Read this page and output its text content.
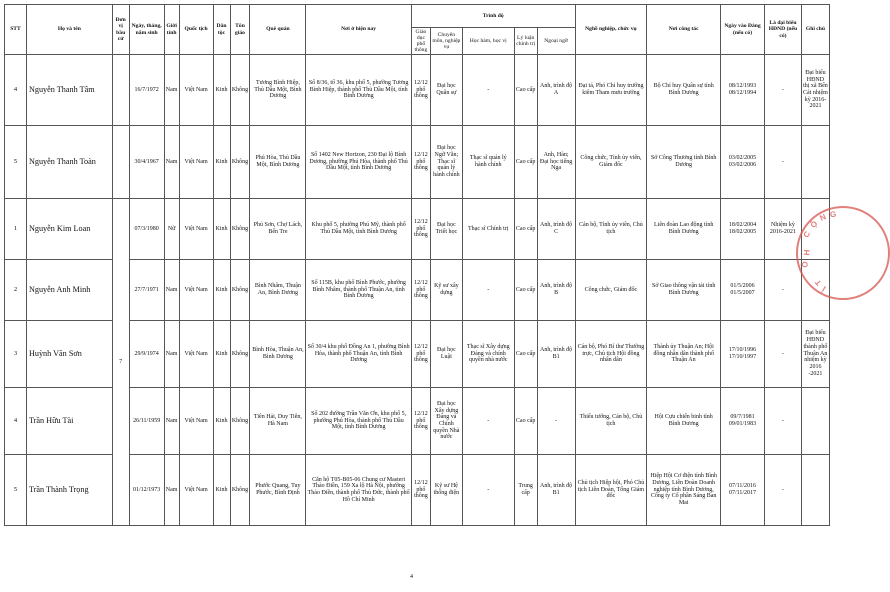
STT	Họ và tên	Đơn vị bầu cử	Ngày, tháng, năm sinh	Giới tính	Quốc tịch	Dân tộc	Tôn giáo	Quê quán	Nơi ở hiện nay	Trình độ					Nghề nghiệp, chức vụ	Nơi công tác	Ngày vào Đảng (nếu có)	Là đại biểu HĐND (nếu có)	Ghi chú
										Giáo dục phổ thông	Chuyên môn, nghiệp vụ	Học hàm, học vị	Lý luận chính trị	Ngoại ngữ					
4	Nguyễn Thanh Tâm		16/7/1972	Nam	Việt Nam	Kinh	Không	Tương Bình Hiệp, Thủ Dầu Một, Bình Dương	Số 8/36, tổ 36, khu phố 5, phường Tương Bình Hiệp, thành phố Thủ Dầu Một, tỉnh Bình Dương	12/12 phổ thông	Đại học Quân sự	-	Cao cấp	Anh, trình độ A	Đại tá, Phó Chỉ huy trưởng kiêm Tham mưu trưởng	Bộ Chỉ huy Quân sự tỉnh Bình Dương	08/12/1993 08/12/1994	-	Đại biểu HĐND thị xã Bến Cát nhiệm kỳ 2016-2021
5	Nguyễn Thanh Toàn		30/4/1967	Nam	Việt Nam	Kinh	Không	Phú Hòa, Thủ Dầu Một, Bình Dương	Số 1402 New Horizon, 230 Đại lộ Bình Dương, phường Phú Hòa, thành phố Thủ Dầu Một, tỉnh Bình Dương	12/12 phổ thông	Đại học Ngữ Văn; Thạc sĩ quản lý hành chính	Thạc sĩ quản lý hành chính	Cao cấp	Anh, Hàn; Đại học tiếng Nga	Công chức, Tỉnh ủy viên, Giám đốc	Sở Công Thương tỉnh Bình Dương	03/02/2005 03/02/2006	-	
1	Nguyễn Kim Loan	7	07/3/1980	Nữ	Việt Nam	Kinh	Không	Phú Sơn, Chợ Lách, Bến Tre	Khu phố 5, phường Phú Mỹ, thành phố Thủ Dầu Một, tỉnh Bình Dương	12/12 phổ thông	Đại học Triết học	Thạc sĩ Chính trị	Cao cấp	Anh, trình độ C	Cán bộ, Tỉnh ủy viên, Chủ tịch	Liên đoàn Lao động tỉnh Bình Dương	18/02/2004 18/02/2005	Nhiệm kỳ 2016-2021	
2	Nguyễn Anh Minh		27/7/1971	Nam	Việt Nam	Kinh	Không	Bình Nhâm, Thuận An, Bình Dương	Số 115B, khu phố Bình Phước, phường Bình Nhâm, thành phố Thuận An, tỉnh Bình Dương	12/12 phổ thông	Kỹ sư xây dựng	-	Cao cấp	Anh, trình độ B	Công chức, Giám đốc	Sở Giao thông vận tải tỉnh Bình Dương	01/5/2006 01/5/2007	-	
3	Huỳnh Văn Sơn		29/9/1974	Nam	Việt Nam	Kinh	Không	Bình Hòa, Thuận An, Bình Dương	Số 30/4 khu phố Đồng An 1, phường Bình Hòa, thành phố Thuận An, tỉnh Bình Dương	12/12 phổ thông	Đại học Luật	Thạc sĩ Xây dựng Đảng và chính quyền nhà nước	Cao cấp	Anh, trình độ B1	Cán bộ, Phó Bí thư Thường trực, Chủ tịch Hội đồng nhân dân	Thành ủy Thuận An; Hội đồng nhân dân thành phố Thuận An	17/10/1996 17/10/1997	-	Đại biểu HĐND thành phố Thuận An nhiệm kỳ 2016 -2021
4	Trần Hữu Tài		26/11/1959	Nam	Việt Nam	Kinh	Không	Tiên Hải, Duy Tiên, Hà Nam	Số 202 đường Trần Văn Ơn, khu phố 5, phường Phú Hòa, thành phố Thủ Dầu Một, tỉnh Bình Dương	12/12 phổ thông	Đại học Xây dựng Đảng và Chính quyền Nhà nước	-	Cao cấp	-	Thiếu tướng, Cán bộ, Chủ tịch	Hội Cựu chiến binh tỉnh Bình Dương	09/7/1981 09/01/1983	-	
5	Trần Thành Trọng		01/12/1973	Nam	Việt Nam	Kinh	Không	Phước Quang, Tuy Phước, Bình Định	Căn hộ T05-B05-06 Chung cư Masteri Thảo Điền, 159 Xa lộ Hà Nội, phường Thảo Điền, thành phố Thủ Đức, thành phố Hồ Chí Minh	12/12 phổ thông	Kỹ sư Hệ thống điện	-	Trung cấp	Anh, trình độ B1	Chủ tịch Hiệp hội, Phó Chủ tịch Liên Đoàn, Tổng Giám đốc	Hiệp Hội Cơ điện tỉnh Bình Dương, Liên Đoàn Doanh nghiệp tỉnh Bình Dương, Công ty Cổ phần Sáng Ban Mai	07/11/2016 07/11/2017	-	
C
Ộ
N G
H
Ò
T
Ỉ
4
